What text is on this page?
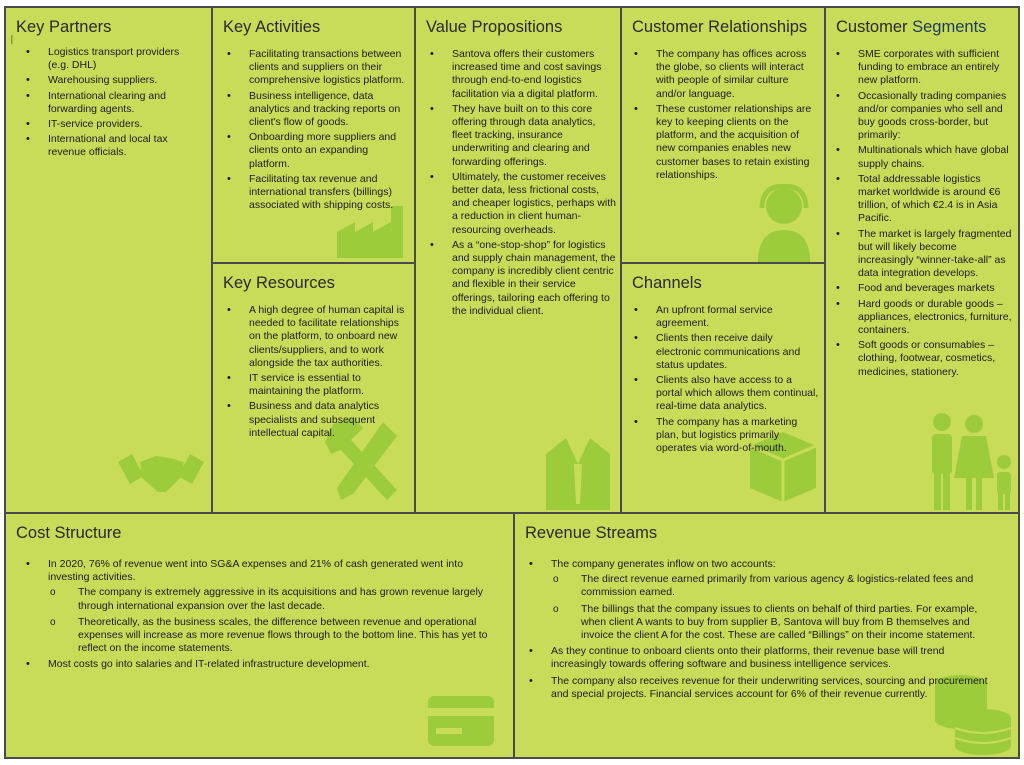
Key Partners
I
• Logistics transport providers (e.g. DHL)
• Warehousing suppliers.
• International clearing and forwarding agents.
• IT-service providers.
• International and local tax revenue officials.
Key Activities
• Facilitating transactions between clients and suppliers on their comprehensive logistics platform.
• Business intelligence, data analytics and tracking reports on client's flow of goods.
• Onboarding more suppliers and clients onto an expanding platform.
• Facilitating tax revenue and international transfers (billings) associated with shipping costs.
Key Resources
• A high degree of human capital is needed to facilitate relationships on the platform, to onboard new clients/suppliers, and to work alongside the tax authorities.
• IT service is essential to maintaining the platform.
• Business and data analytics specialists and subsequent intellectual capital.
Value Propositions
• Santova offers their customers increased time and cost savings through end-to-end logistics facilitation via a digital platform.
• They have built on to this core offering through data analytics, fleet tracking, insurance underwriting and clearing and forwarding offerings.
• Ultimately, the customer receives better data, less frictional costs, and cheaper logistics, perhaps with a reduction in client human-resourcing overheads.
• As a “one-stop-shop” for logistics and supply chain management, the company is incredibly client centric and flexible in their service offerings, tailoring each offering to the individual client.
Customer Relationships
• The company has offices across the globe, so clients will interact with people of similar culture and/or language.
• These customer relationships are key to keeping clients on the platform, and the acquisition of new companies enables new customer bases to retain existing relationships.
Channels
• An upfront formal service agreement.
• Clients then receive daily electronic communications and status updates.
• Clients also have access to a portal which allows them continual, real-time data analytics.
• The company has a marketing plan, but logistics primarily operates via word-of-mouth.
Customer Segments
• SME corporates with sufficient funding to embrace an entirely new platform.
• Occasionally trading companies and/or companies who sell and buy goods cross-border, but primarily:
• Multinationals which have global supply chains.
• Total addressable logistics market worldwide is around €6 trillion, of which €2.4 is in Asia Pacific.
• The market is largely fragmented but will likely become increasingly “winner-take-all” as data integration develops.
• Food and beverages markets
• Hard goods or durable goods – appliances, electronics, furniture, containers.
• Soft goods or consumables – clothing, footwear, cosmetics, medicines, stationery.
Cost Structure
• In 2020, 76% of revenue went into SG&A expenses and 21% of cash generated went into investing activities.
o The company is extremely aggressive in its acquisitions and has grown revenue largely through international expansion over the last decade.
o Theoretically, as the business scales, the difference between revenue and operational expenses will increase as more revenue flows through to the bottom line. This has yet to reflect on the income statements.
• Most costs go into salaries and IT-related infrastructure development.
Revenue Streams
• The company generates inflow on two accounts:
o The direct revenue earned primarily from various agency & logistics-related fees and commission earned.
o The billings that the company issues to clients on behalf of third parties. For example, when client A wants to buy from supplier B, Santova will buy from B themselves and invoice the client A for the cost. These are called “Billings” on their income statement.
• As they continue to onboard clients onto their platforms, their revenue base will trend increasingly towards offering software and business intelligence services.
• The company also receives revenue for their underwriting services, sourcing and procurement and special projects. Financial services account for 6% of their revenue currently.
